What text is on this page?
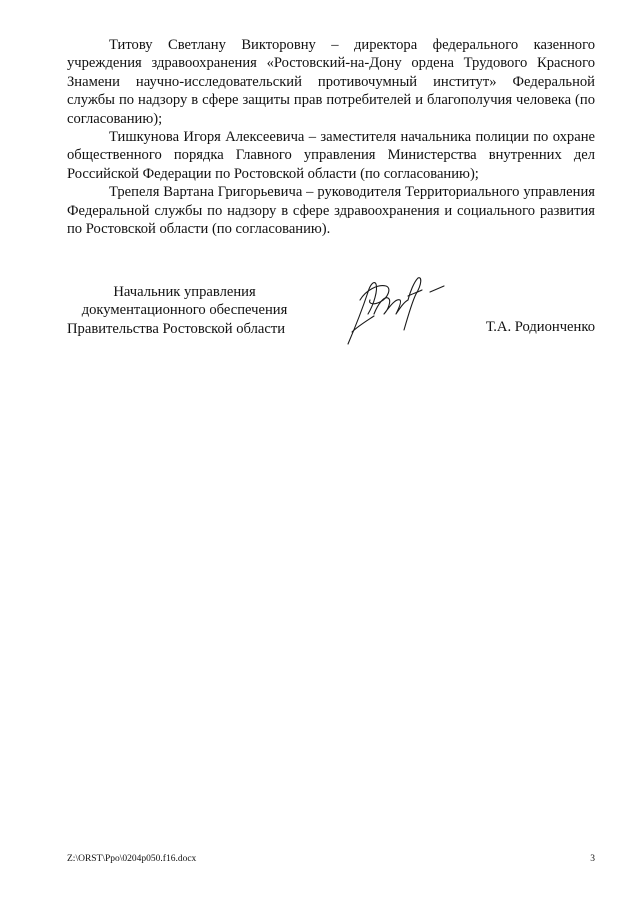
Титову Светлану Викторовну – директора федерального казенного учреждения здравоохранения «Ростовский-на-Дону ордена Трудового Красного Знамени научно-исследовательский противочумный институт» Федеральной службы по надзору в сфере защиты прав потребителей и благополучия человека (по согласованию);

Тишкунова Игоря Алексеевича – заместителя начальника полиции по охране общественного порядка Главного управления Министерства внутренних дел Российской Федерации по Ростовской области (по согласованию);

Трепеля Вартана Григорьевича – руководителя Территориального управления Федеральной службы по надзору в сфере здравоохранения и социального развития по Ростовской области (по согласованию).

Начальник управления
документационного обеспечения
Правительства Ростовской области	Т.А. Родионченко
Z:\ORST\Ppo\0204p050.f16.docx	3
